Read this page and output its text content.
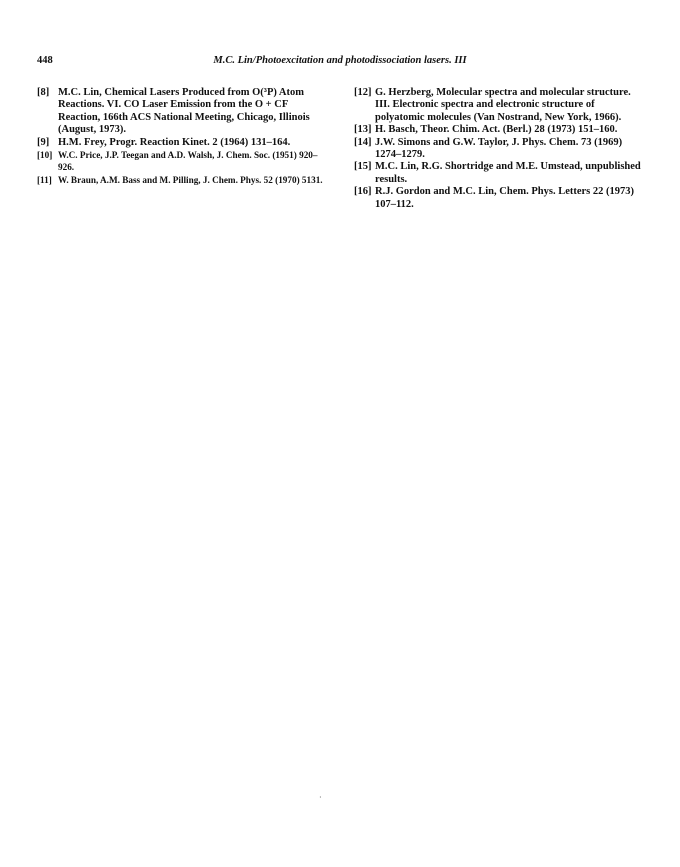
448	M.C. Lin/Photoexcitation and photodissociation lasers. III
[8] M.C. Lin, Chemical Lasers Produced from O(³P) Atom Reactions. VI. CO Laser Emission from the O + CF Reaction, 166th ACS National Meeting, Chicago, Illinois (August, 1973).
[9] H.M. Frey, Progr. Reaction Kinet. 2 (1964) 131–164.
[10] W.C. Price, J.P. Teegan and A.D. Walsh, J. Chem. Soc. (1951) 920–926.
[11] W. Braun, A.M. Bass and M. Pilling, J. Chem. Phys. 52 (1970) 5131.
[12] G. Herzberg, Molecular spectra and molecular structure. III. Electronic spectra and electronic structure of polyatomic molecules (Van Nostrand, New York, 1966).
[13] H. Basch, Theor. Chim. Act. (Berl.) 28 (1973) 151–160.
[14] J.W. Simons and G.W. Taylor, J. Phys. Chem. 73 (1969) 1274–1279.
[15] M.C. Lin, R.G. Shortridge and M.E. Umstead, unpublished results.
[16] R.J. Gordon and M.C. Lin, Chem. Phys. Letters 22 (1973) 107–112.
·
